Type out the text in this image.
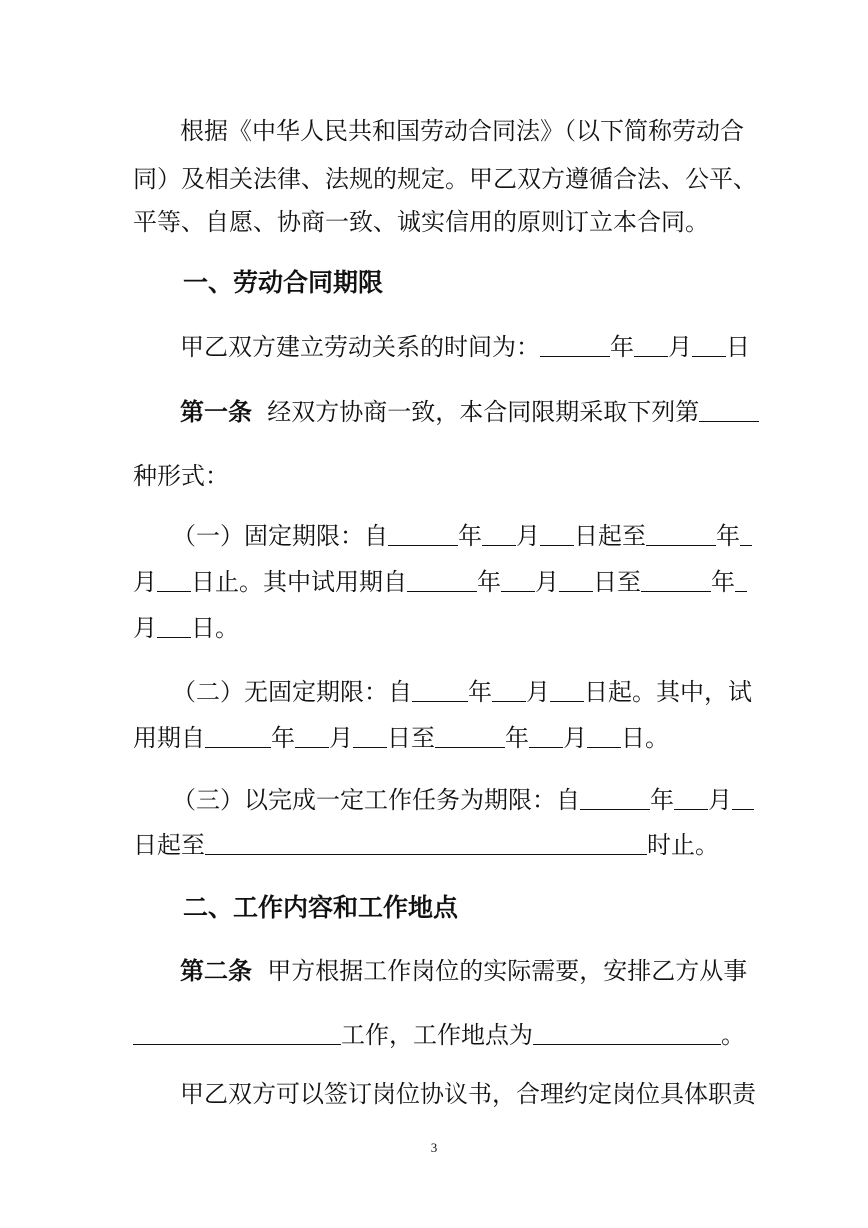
根据《中华人民共和国劳动合同法》（以下简称劳动合
同）及相关法律、法规的规定。甲乙双方遵循合法、公平、
平等、自愿、协商一致、诚实信用的原则订立本合同。
一、劳动合同期限
甲乙双方建立劳动关系的时间为：	年 月 日
第一条 经双方协商一致，本合同限期采取下列第
种形式：
（一）固定期限：自	年 月 日起至	年
月 日止。其中试用期自	年 月 日至	年
月 日。
（二）无固定期限：自 年 月 日起。其中，试
用期自	年 月 日至	年 月 日。
（三）以完成一定工作任务为期限：自	年 月
日起至	时止。
二、工作内容和工作地点
第二条 甲方根据工作岗位的实际需要，安排乙方从事
工作，工作地点为	。
甲乙双方可以签订岗位协议书，合理约定岗位具体职责
3
